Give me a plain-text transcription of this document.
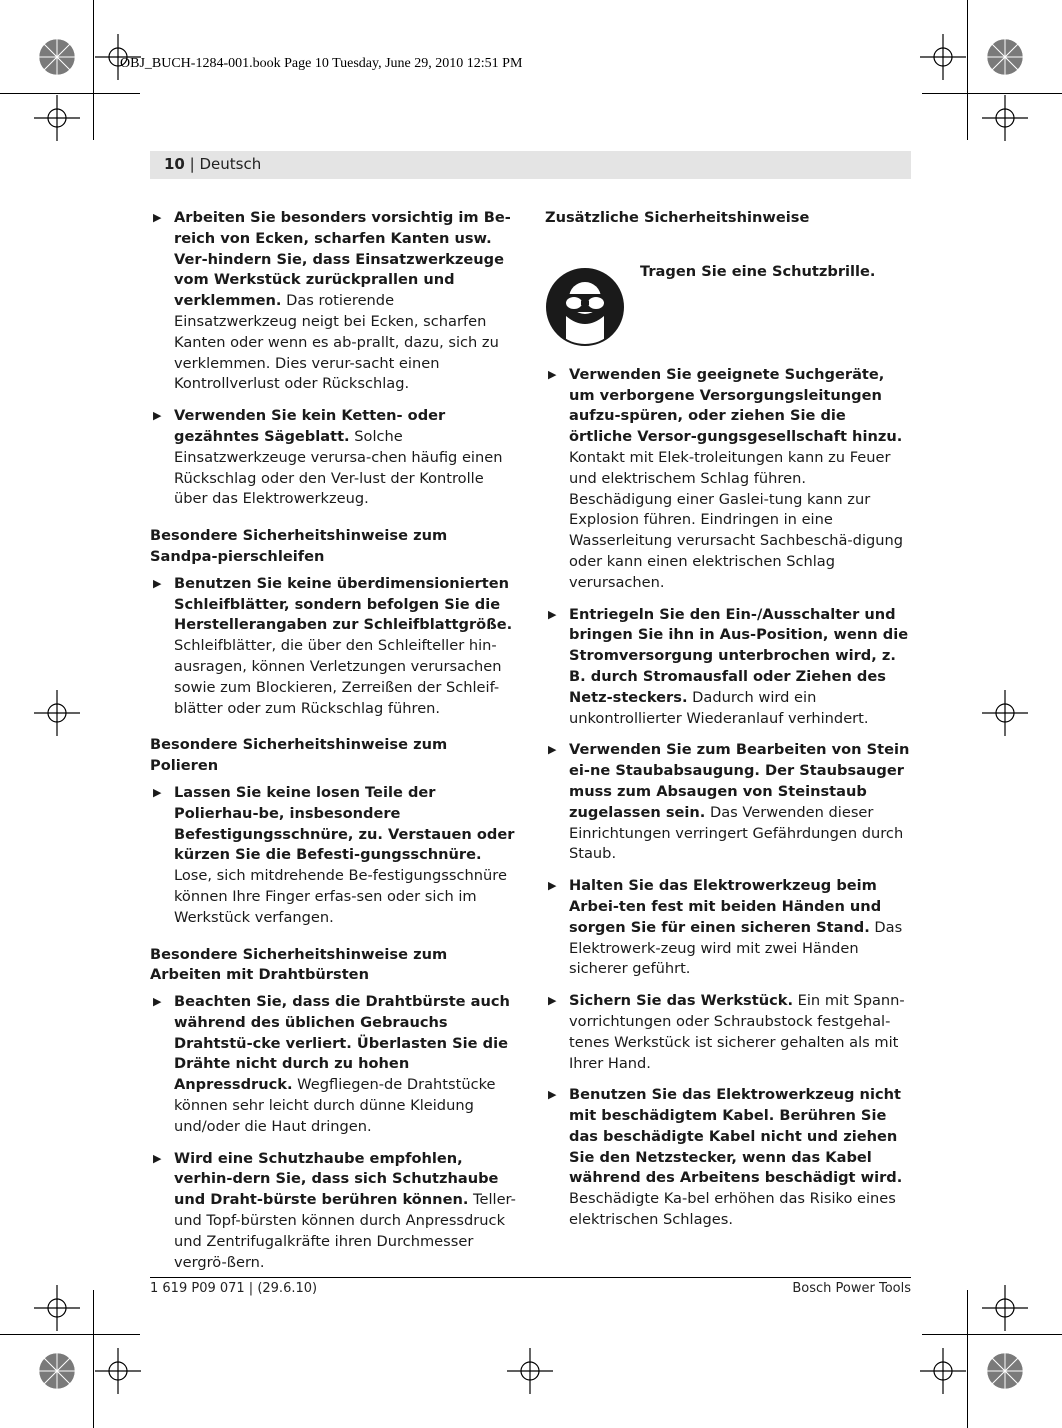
OBJ_BUCH-1284-001.book Page 10 Tuesday, June 29, 2010 12:51 PM
10 | Deutsch
▶ Arbeiten Sie besonders vorsichtig im Be-reich von Ecken, scharfen Kanten usw. Ver-hindern Sie, dass Einsatzwerkzeuge vom Werkstück zurückprallen und verklemmen. Das rotierende Einsatzwerkzeug neigt bei Ecken, scharfen Kanten oder wenn es ab-prallt, dazu, sich zu verklemmen. Dies verur-sacht einen Kontrollverlust oder Rückschlag.
▶ Verwenden Sie kein Ketten- oder gezähntes Sägeblatt. Solche Einsatzwerkzeuge verursa-chen häufig einen Rückschlag oder den Ver-lust der Kontrolle über das Elektrowerkzeug.
Besondere Sicherheitshinweise zum Sandpa-pierschleifen
▶ Benutzen Sie keine überdimensionierten Schleifblätter, sondern befolgen Sie die Herstellerangaben zur Schleifblattgröße. Schleifblätter, die über den Schleifteller hin-ausragen, können Verletzungen verursachen sowie zum Blockieren, Zerreißen der Schleif-blätter oder zum Rückschlag führen.
Besondere Sicherheitshinweise zum Polieren
▶ Lassen Sie keine losen Teile der Polierhau-be, insbesondere Befestigungsschnüre, zu. Verstauen oder kürzen Sie die Befesti-gungsschnüre. Lose, sich mitdrehende Be-festigungsschnüre können Ihre Finger erfas-sen oder sich im Werkstück verfangen.
Besondere Sicherheitshinweise zum Arbeiten mit Drahtbürsten
▶ Beachten Sie, dass die Drahtbürste auch während des üblichen Gebrauchs Drahtstü-cke verliert. Überlasten Sie die Drähte nicht durch zu hohen Anpressdruck. Wegfliegen-de Drahtstücke können sehr leicht durch dünne Kleidung und/oder die Haut dringen.
▶ Wird eine Schutzhaube empfohlen, verhin-dern Sie, dass sich Schutzhaube und Draht-bürste berühren können. Teller- und Topf-bürsten können durch Anpressdruck und Zentrifugalkräfte ihren Durchmesser vergrö-ßern.
Zusätzliche Sicherheitshinweise
Tragen Sie eine Schutzbrille.
▶ Verwenden Sie geeignete Suchgeräte, um verborgene Versorgungsleitungen aufzu-spüren, oder ziehen Sie die örtliche Versor-gungsgesellschaft hinzu. Kontakt mit Elek-troleitungen kann zu Feuer und elektrischem Schlag führen. Beschädigung einer Gaslei-tung kann zur Explosion führen. Eindringen in eine Wasserleitung verursacht Sachbeschä-digung oder kann einen elektrischen Schlag verursachen.
▶ Entriegeln Sie den Ein-/Ausschalter und bringen Sie ihn in Aus-Position, wenn die Stromversorgung unterbrochen wird, z. B. durch Stromausfall oder Ziehen des Netz-steckers. Dadurch wird ein unkontrollierter Wiederanlauf verhindert.
▶ Verwenden Sie zum Bearbeiten von Stein ei-ne Staubabsaugung. Der Staubsauger muss zum Absaugen von Steinstaub zugelassen sein. Das Verwenden dieser Einrichtungen verringert Gefährdungen durch Staub.
▶ Halten Sie das Elektrowerkzeug beim Arbei-ten fest mit beiden Händen und sorgen Sie für einen sicheren Stand. Das Elektrowerk-zeug wird mit zwei Händen sicherer geführt.
▶ Sichern Sie das Werkstück. Ein mit Spann-vorrichtungen oder Schraubstock festgehal-tenes Werkstück ist sicherer gehalten als mit Ihrer Hand.
▶ Benutzen Sie das Elektrowerkzeug nicht mit beschädigtem Kabel. Berühren Sie das beschädigte Kabel nicht und ziehen Sie den Netzstecker, wenn das Kabel während des Arbeitens beschädigt wird. Beschädigte Ka-bel erhöhen das Risiko eines elektrischen Schlages.
1 619 P09 071 | (29.6.10)	Bosch Power Tools
